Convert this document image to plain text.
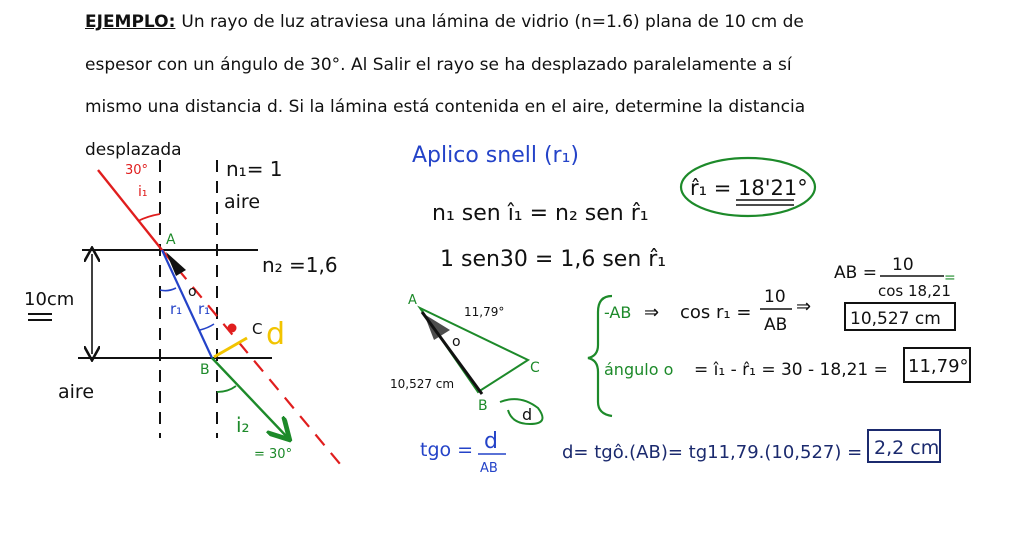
EJEMPLO: Un rayo de luz atraviesa una lámina de vidrio (n=1.6) plana de 10 cm de
espesor con un ángulo de 30°. Al Salir el rayo se ha desplazado paralelamente a sí
mismo una distancia d. Si la lámina está contenida en el aire, determine la distancia
desplazada
30°
i₁
n₁= 1
aire
A
n₂ =1,6
10cm	r₁ r₁
o
C d
B
aire
i₂
= 30°
Aplico snell (r₁)
n₁ sen î₁ = n₂ sen r̂₁
1 sen30 = 1,6 sen r̂₁
r̂₁ = 18'21°
A
11,79°
o
10,527 cm
B
C
d
-AB ⇒ cos r₁ =
10
AB
⇒
AB = 10
cos 18,21
=
10,527 cm
ángulo o = î₁ - r̂₁ = 30 - 18,21 = 11,79°
tgo = d
AB
d= tgô.(AB)= tg11,79.(10,527) = 2,2 cm
